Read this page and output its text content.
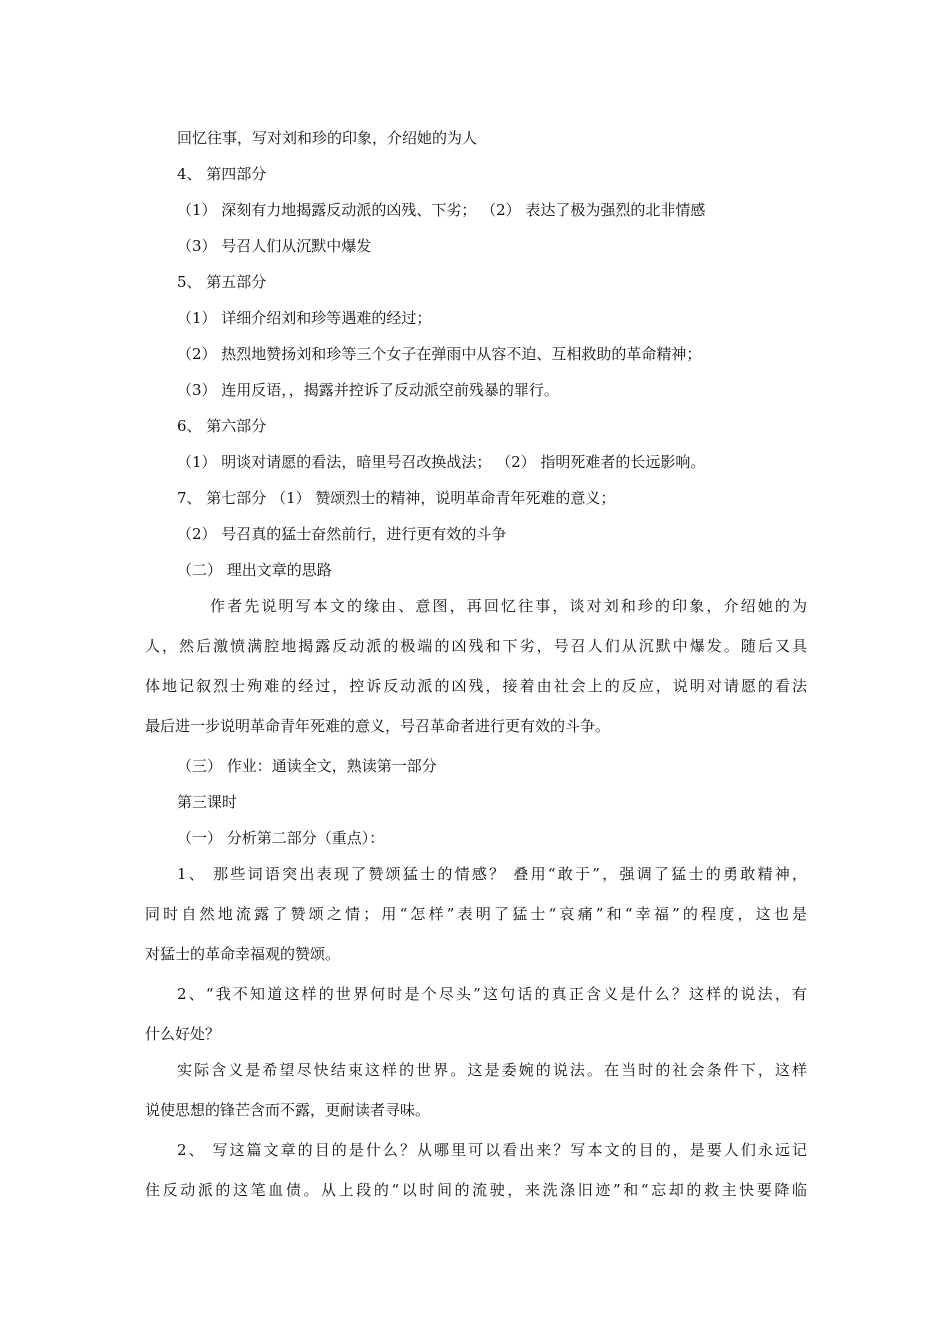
回忆往事，写对刘和珍的印象，介绍她的为人
4、 第四部分
（1） 深刻有力地揭露反动派的凶残、下劣； （2） 表达了极为强烈的北非情感
（3） 号召人们从沉默中爆发
5、 第五部分
（1） 详细介绍刘和珍等遇难的经过；
（2） 热烈地赞扬刘和珍等三个女子在弹雨中从容不迫、互相救助的革命精神；
（3） 连用反语，，揭露并控诉了反动派空前残暴的罪行。
6、 第六部分
（1） 明谈对请愿的看法，暗里号召改换战法； （2） 指明死难者的长远影响。
7、 第七部分 （1） 赞颂烈士的精神，说明革命青年死难的意义；
（2） 号召真的猛士奋然前行，进行更有效的斗争
（二） 理出文章的思路
作者先说明写本文的缘由、意图，再回忆往事，谈对刘和珍的印象，介绍她的为
人，然后激愤满腔地揭露反动派的极端的凶残和下劣，号召人们从沉默中爆发。随后又具
体地记叙烈士殉难的经过，控诉反动派的凶残，接着由社会上的反应，说明对请愿的看法
最后进一步说明革命青年死难的意义，号召革命者进行更有效的斗争。
（三） 作业：通读全文，熟读第一部分
第三课时
（一） 分析第二部分（重点）：
1、 那些词语突出表现了赞颂猛士的情感？ 叠用“敢于”，强调了猛士的勇敢精神，
同时自然地流露了赞颂之情；用“怎样”表明了猛士“哀痛”和“幸福”的程度，这也是
对猛士的革命幸福观的赞颂。
2、“我不知道这样的世界何时是个尽头”这句话的真正含义是什么？这样的说法，有
什么好处？
实际含义是希望尽快结束这样的世界。这是委婉的说法。在当时的社会条件下，这样
说使思想的锋芒含而不露，更耐读者寻味。
2、 写这篇文章的目的是什么？从哪里可以看出来？写本文的目的，是要人们永远记
住反动派的这笔血债。从上段的“以时间的流驶，来洗涤旧迹”和“忘却的救主快要降临
